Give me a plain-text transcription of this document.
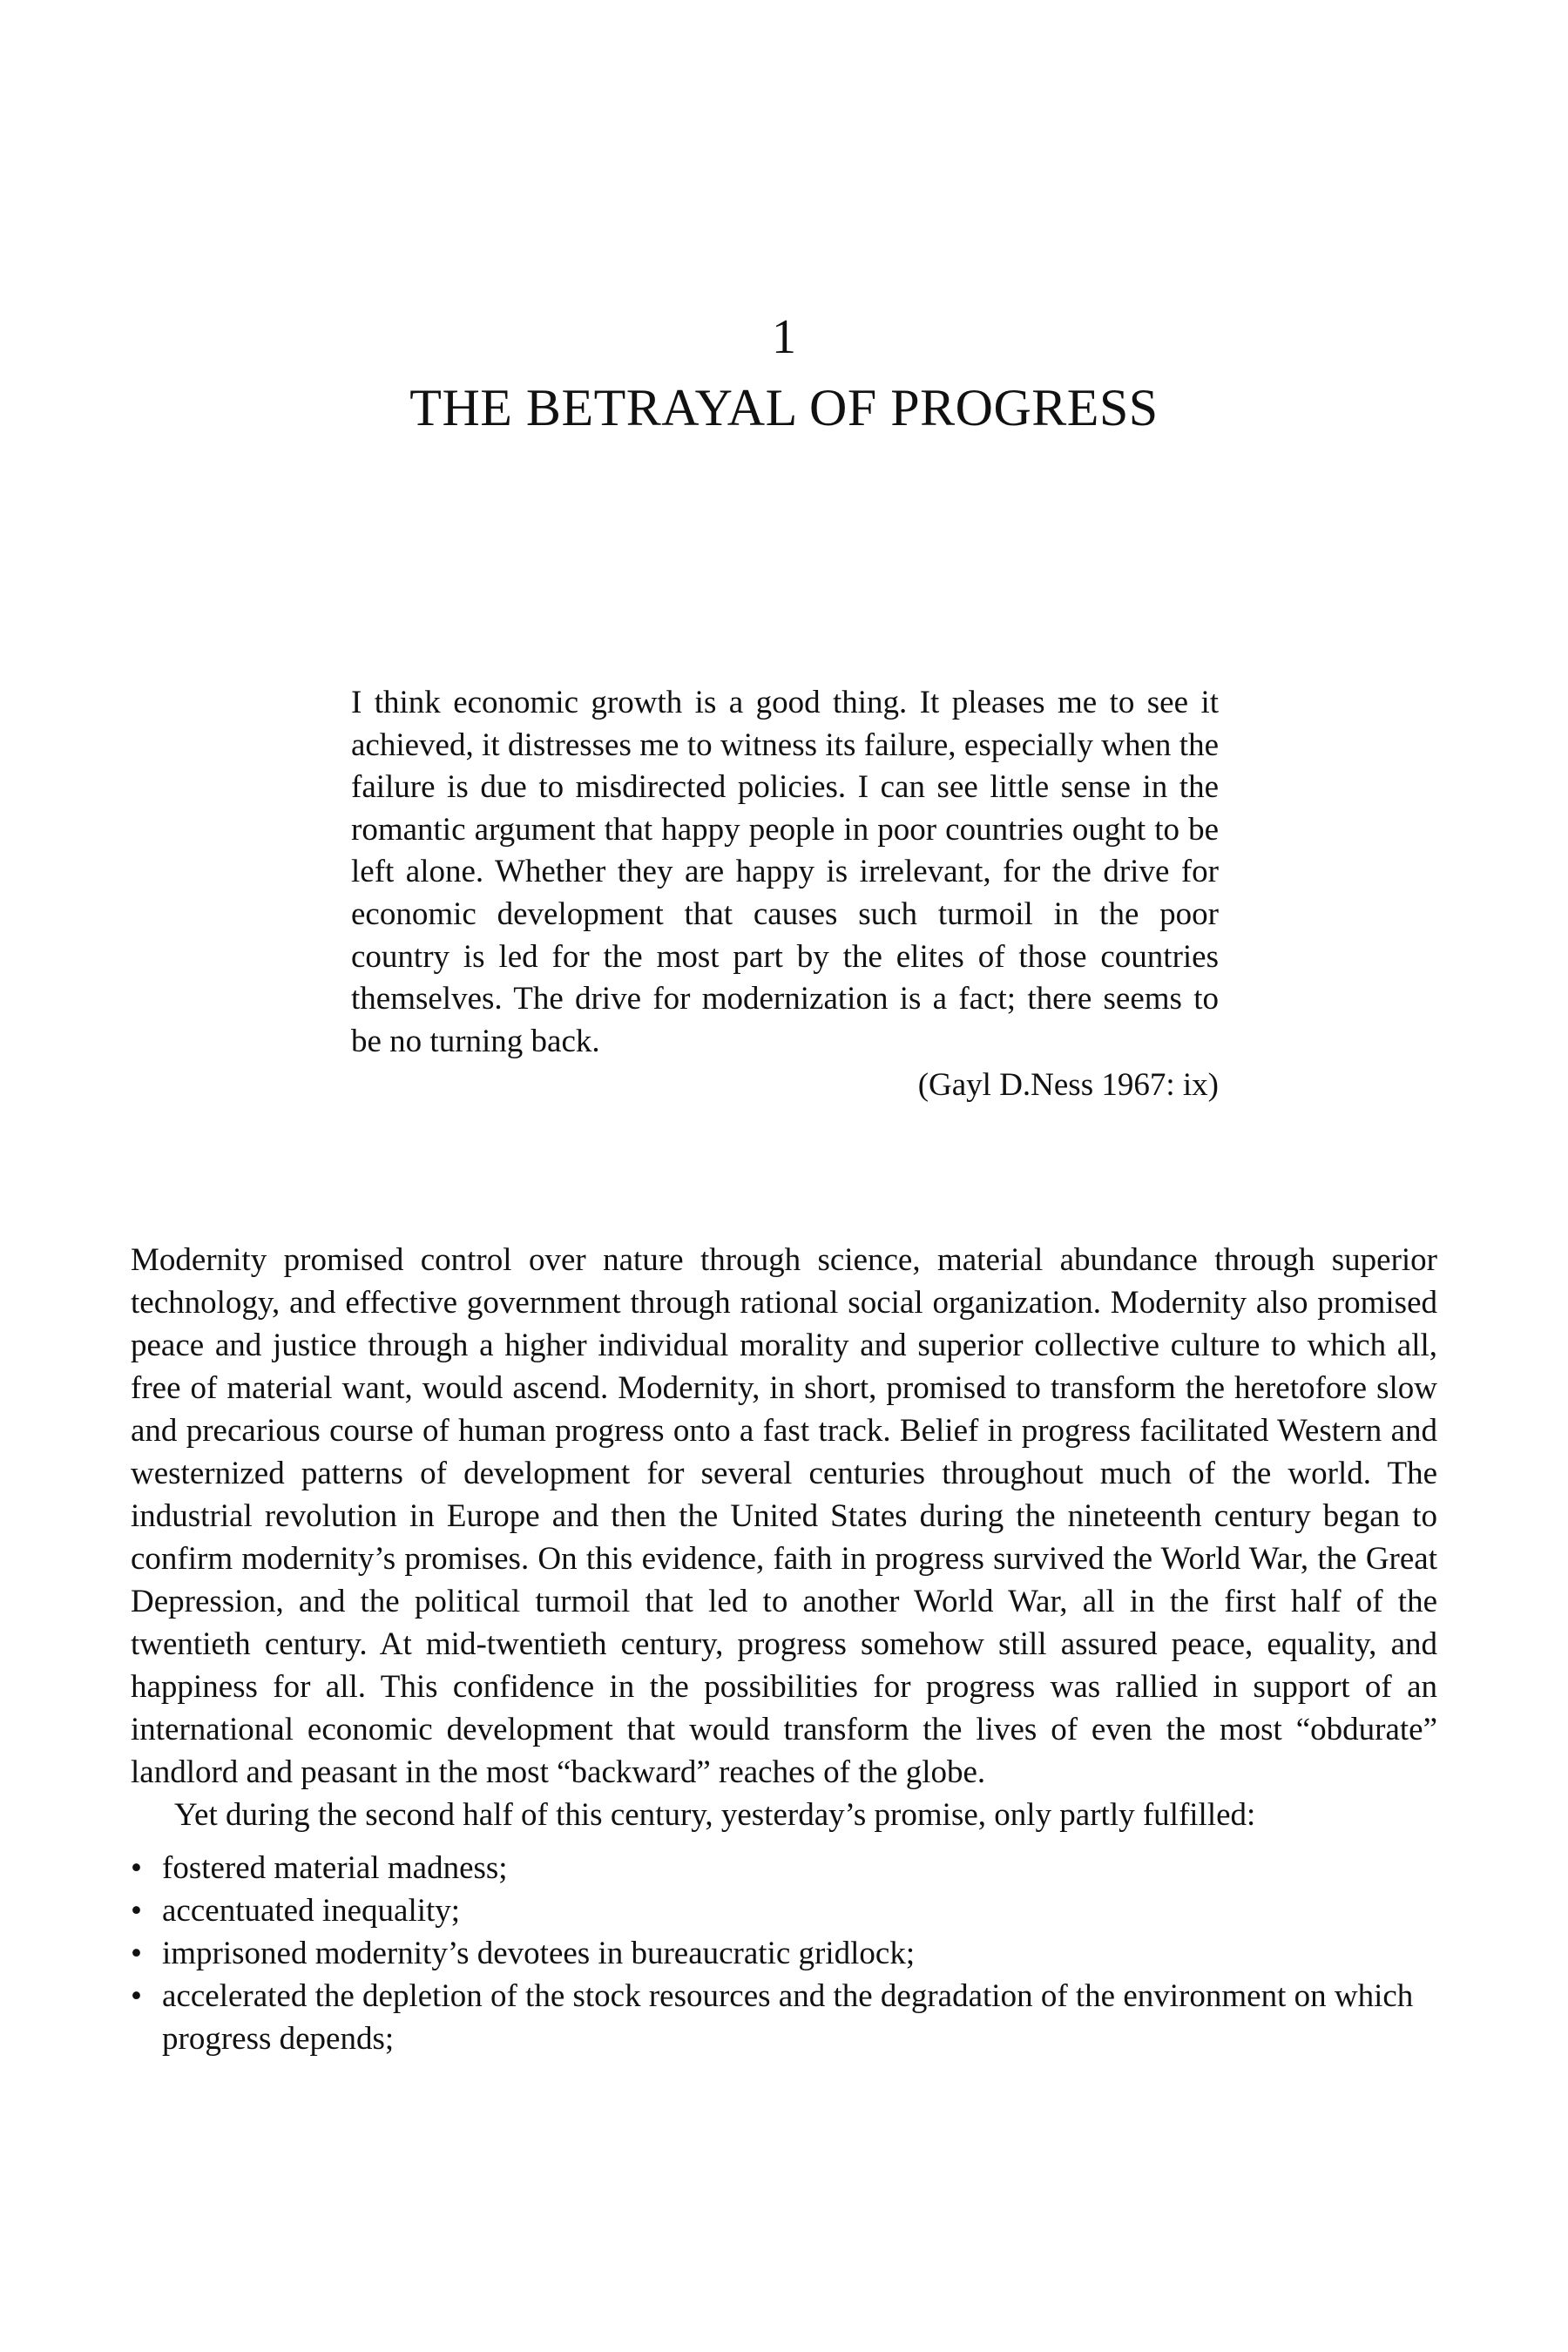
1
THE BETRAYAL OF PROGRESS

I think economic growth is a good thing. It pleases me to see it achieved, it distresses me to witness its failure, especially when the failure is due to misdirected policies. I can see little sense in the romantic argument that happy people in poor countries ought to be left alone. Whether they are happy is irrelevant, for the drive for economic development that causes such turmoil in the poor country is led for the most part by the elites of those countries themselves. The drive for modernization is a fact; there seems to be no turning back.

(Gayl D.Ness 1967: ix)

Modernity promised control over nature through science, material abundance through superior technology, and effective government through rational social organization. Modernity also promised peace and justice through a higher individual morality and superior collective culture to which all, free of material want, would ascend. Modernity, in short, promised to transform the heretofore slow and precarious course of human progress onto a fast track. Belief in progress facilitated Western and westernized patterns of development for several centuries throughout much of the world. The industrial revolution in Europe and then the United States during the nineteenth century began to confirm modernity’s promises. On this evidence, faith in progress survived the World War, the Great Depression, and the political turmoil that led to another World War, all in the first half of the twentieth century. At mid-twentieth century, progress somehow still assured peace, equality, and happiness for all. This confidence in the possibilities for progress was rallied in support of an international economic development that would transform the lives of even the most “obdurate” landlord and peasant in the most “backward” reaches of the globe.

Yet during the second half of this century, yesterday’s promise, only partly fulfilled:

• fostered material madness;
• accentuated inequality;
• imprisoned modernity’s devotees in bureaucratic gridlock;
• accelerated the depletion of the stock resources and the degradation of the environment on which progress depends;
